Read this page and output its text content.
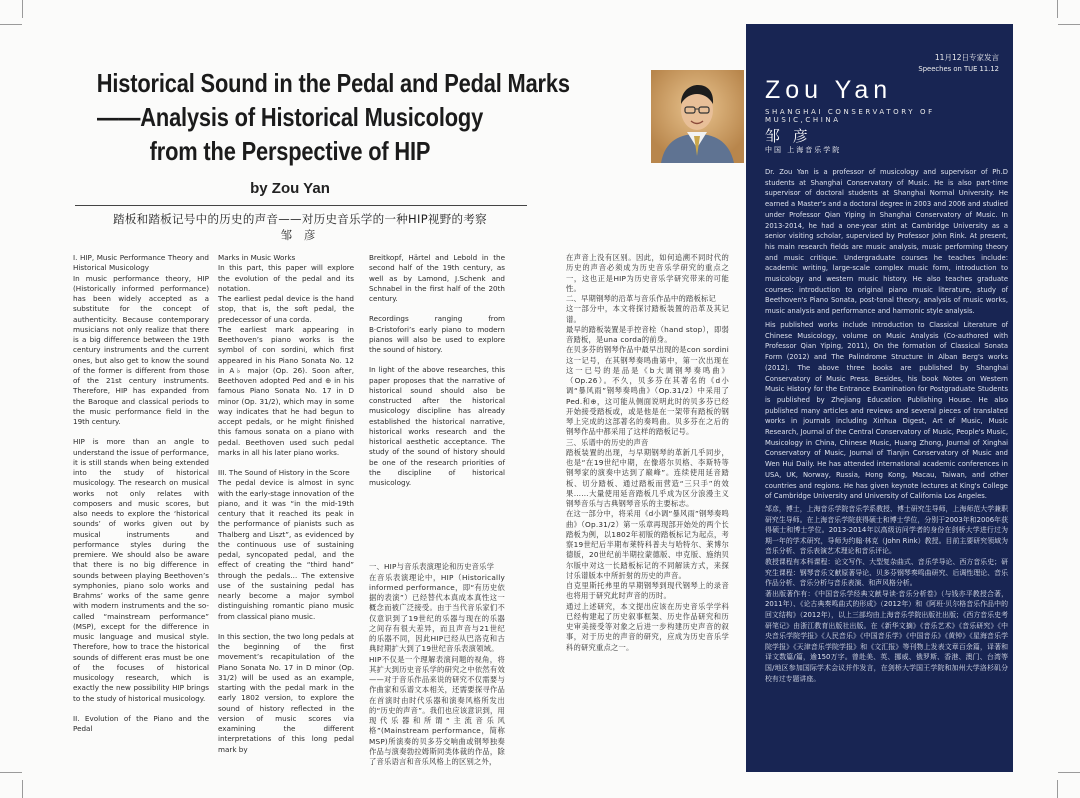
Historical Sound in the Pedal and Pedal Marks
——Analysis of Historical Musicology
from the Perspective of HIP
by Zou Yan
踏板和踏板记号中的历史的声音——对历史音乐学的一种HIP视野的考察
邹 彦

I. HIP, Music Performance Theory and Historical Musicology

In music performance theory, HIP (Historically informed performance) has been widely accepted as a substitute for the concept of authenticity. Because contemporary musicians not only realize that there is a big difference between the 19th century instruments and the current ones, but also get to know the sound of the former is different from those of the 21st century instruments. Therefore, HIP has expanded from the Baroque and classical periods to the music performance field in the 19th century.

HIP is more than an angle to understand the issue of performance, it is still stands when being extended into the study of historical musicology. The research on musical works not only relates with composers and music scores, but also needs to explore the ‘historical sounds’ of works given out by musical instruments and performance styles during the premiere. We should also be aware that there is no big difference in sounds between playing Beethoven’s symphonies, piano solo works and Brahms’ works of the same genre with modern instruments and the so-called “mainstream performance” (MSP), except for the difference in music language and musical style. Therefore, how to trace the historical sounds of different eras must be one of the focuses of historical musicology research, which is exactly the new possibility HIP brings to the study of historical musicology.

II. Evolution of the Piano and the Pedal

Marks in Music Works

In this part, this paper will explore the evolution of the pedal and its notation.

The earliest pedal device is the hand stop, that is, the soft pedal, the predecessor of una corda.

The earliest mark appearing in Beethoven’s piano works is the symbol of con sordini, which first appeared in his Piano Sonata No. 12 in A♭ major (Op. 26). Soon after, Beethoven adopted Ped and ⊕ in his famous Piano Sonata No. 17 in D minor (Op. 31/2), which may in some way indicates that he had begun to accept pedals, or he might finished this famous sonata on a piano with pedal. Beethoven used such pedal marks in all his later piano works.

III. The Sound of History in the Score

The pedal device is almost in sync with the early-stage innovation of the piano, and it was “in the mid-19th century that it reached its peak in the performance of pianists such as Thalberg and Liszt”, as evidenced by the continuous use of sustaining pedal, syncopated pedal, and the effect of creating the “third hand” through the pedals... The extensive use of the sustaining pedal has nearly become a major symbol distinguishing romantic piano music from classical piano music.

In this section, the two long pedals at the beginning of the first movement’s recapitulation of the Piano Sonata No. 17 in D minor (Op. 31/2) will be used as an example, starting with the pedal mark in the early 1802 version, to explore the sound of history reflected in the version of music scores via examining the different interpretations of this long pedal mark by

Breitkopf, Härtel and Lebold in the second half of the 19th century, as well as by Lamond, J.Schenk and Schnabel in the first half of the 20th century.

Recordings ranging from B·Cristofori’s early piano to modern pianos will also be used to explore the sound of history.

In light of the above researches, this paper proposes that the narrative of historical sound should also be constructed after the historical musicology discipline has already established the historical narrative, historical works research and the historical aesthetic acceptance. The study of the sound of history should be one of the research priorities of the discipline of historical musicology.

一、HIP与音乐表演理论和历史音乐学

在音乐表演理论中，HIP（Historically informed performance，即“有历史依据的表演”）已经替代本真成本真性这一概念而被广泛接受。由于当代音乐家们不仅意识到了19世纪的乐器与现在的乐器之间存有很大差异，而且声音与21世纪的乐器不同，因此HIP已经从巴洛克和古典时期扩大到了19世纪音乐表演领域。

HIP不仅是一个理解表演问题的视角，将其扩大到历史音乐学的研究之中依然有效——对于音乐作品来说的研究不仅需要与作曲家和乐谱文本相关，还需要探寻作品在首演时由时代乐器和演奏风格所发出的“历史的声音”。我们也应该意识到，用现代乐器和所谓“主流音乐风格”(Mainstream performance，简称MSP)所演奏的贝多芬交响曲或钢琴独奏作品与演奏勃拉姆斯同类体裁的作品，除了音乐语言和音乐风格上的区别之外，

在声音上没有区别。因此，如何追溯不同时代的历史的声音必须成为历史音乐学研究的重点之一，这也正是HIP为历史音乐学研究带来的可能性。

二、早期钢琴的沿革与音乐作品中的踏板标记

这一部分中，本文将探讨踏板装置的沿革及其记谱。

最早的踏板装置是手控音栓（hand stop），即弱音踏板，是una corda的前身。

在贝多芬的钢琴作品中最早出现的是con sordini这一记号，在其钢琴奏鸣曲第中，第一次出现在这一已号的是品是《b大调钢琴奏鸣曲》（Op.26）。不久，贝多芬在其著名的《d小调“暴风雨”钢琴奏鸣曲》（Op.31/2）中采用了Ped.和⊕，这可能从侧面说明此时的贝多芬已经开始接受踏板或，或是他是在一架带有踏板的钢琴上完成的这部著名的奏鸣曲。贝多芬在之后的钢琴作品中都采用了这样的踏板记号。

三、乐谱中的历史的声音

踏板装置的出现，与早期钢琴的革新几乎同步，也是“在19世纪中期，在像塔尔贝格、李斯特等钢琴家的演奏中达到了巅峰”。连续使用延音踏板、切分踏板、通过踏板而营造“三只手”的效果……大量使用延音踏板几乎成为区分浪漫主义钢琴音乐与古典钢琴音乐的主要标志。

在这一部分中，将采用《d小调“暴风雨”钢琴奏鸣曲》（Op.31/2）第一乐章再现部开始处的两个长踏板为例，以1802年初版的踏板标记为起点，考察19世纪后半期布莱特科普夫与哈特尔、莱博尔德版，20世纪前半期拉蒙德版、申克版、施纳贝尔版中对这一长踏板标记的不同解读方式，来探讨乐谱版本中所折射的历史的声音。

自克里斯托弗里的早期钢琴到现代钢琴上的录音也将用于研究此时声音的历时。

通过上述研究，本文提出应该在历史音乐学学科已经构建起了历史叙事框架、历史作品研究和历史审美接受等对象之后进一步构建历史声音的叙事，对于历史的声音的研究，应成为历史音乐学科的研究重点之一。

11月12日专家发言
Speeches on TUE 11.12
Zou Yan
SHANGHAI CONSERVATORY OF MUSIC,CHINA
邹 彦
中国 上海音乐学院
Dr. Zou Yan is a professor of musicology and supervisor of Ph.D students at Shanghai Conservatory of Music. He is also part-time supervisor of doctoral students at Shanghai Normal University. He earned a Master's and a doctoral degree in 2003 and 2006 and studied under Professor Qian Yiping in Shanghai Conservatory of Music. In 2013-2014, he had a one-year stint at Cambridge University as a senior visiting scholar, supervised by Professor John Rink. At present, his main research fields are music analysis, music performing theory and music critique. Undergraduate courses he teaches include: academic writing, large-scale complex music form, introduction to musicology and western music history. He also teaches graduate courses: introduction to original piano music literature, study of Beethoven's Piano Sonata, post-tonal theory, analysis of music works, music analysis and performance and harmonic style analysis.
His published works include Introduction to Classical Literature of Chinese Musicology, volume on Music Analysis (Co-authored with Professor Qian Yiping, 2011), On the formation of Classical Sonata Form (2012) and The Palindrome Structure in Alban Berg's works (2012). The above three books are published by Shanghai Conservatory of Music Press. Besides, his book Notes on Western Music History for the Entrance Examination for Postgraduate Students is published by Zhejiang Education Publishing House. He also published many articles and reviews and several pieces of translated works in journals including Xinhua Digest, Art of Music, Music Research, Journal of the Central Conservatory of Music, People's Music, Musicology in China, Chinese Music, Huang Zhong, Journal of Xinghai Conservatory of Music, Journal of Tianjin Conservatory of Music and Wen Hui Daily. He has attended international academic conferences in USA, UK, Norway, Russia, Hong Kong, Macau, Taiwan, and other countries and regions. He has given keynote lectures at King's College of Cambridge University and University of California Los Angeles.

邹彦，博士，上海音乐学院音乐学系教授、博士研究生导师，上海师范大学兼职研究生导师。在上海音乐学院获得硕士和博士学位，分别于2003年和2006年获得硕士和博士学位。2013-2014年以高级访问学者的身份在剑桥大学进行过为期一年的学术研究，导师为约翰·林克（John Rink）教授。目前主要研究领域为音乐分析、音乐表演艺术理论和音乐评论。

教授课程有本科课程：论文写作、大型复杂曲式、音乐学导论、西方音乐史；研究生课程：钢琴音乐文献原著导论、贝多芬钢琴奏鸣曲研究、后调性理论、音乐作品分析、音乐分析与音乐表演、和声风格分析。

著出版著作有：《中国音乐学经典文献导读·音乐分析卷》（与钱亦平教授合著，2011年）、《论古典奏鸣曲式的形成》（2012年）和《阿班·贝尔格音乐作品中的回文结构》（2012年），以上三部均由上海音乐学院出版社出版；《西方音乐史考研笔记》由浙江教育出版社出版。在《新华文摘》《音乐艺术》《音乐研究》《中央音乐学院学报》《人民音乐》《中国音乐学》《中国音乐》《黄钟》《星海音乐学院学报》《天津音乐学院学报》和《文汇报》等刊物上发表文章百余篇，译著和译文数篇/篇，逾150万字。曾赴美、英、挪威、俄罗斯、香港、澳门、台湾等国/地区参加国际学术会议并作发言，在剑桥大学国王学院和加州大学洛杉矶分校有过专题讲座。
